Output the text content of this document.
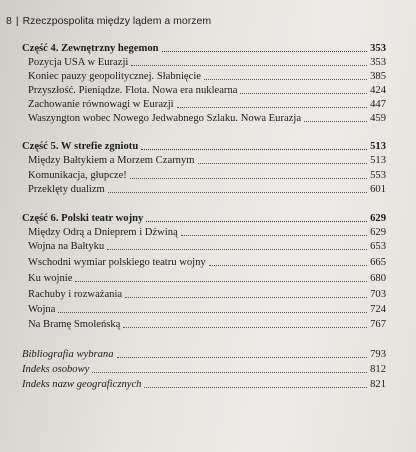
8 | Rzeczpospolita między lądem a morzem
Część 4. Zewnętrzny hegemon	353
Pozycja USA w Eurazji	353
Koniec pauzy geopolitycznej. Słabnięcie	385
Przyszłość. Pieniądze. Flota. Nowa era nuklearna	424
Zachowanie równowagi w Eurazji	447
Waszyngton wobec Nowego Jedwabnego Szlaku. Nowa Eurazja	459
Część 5. W strefie zgniotu	513
Między Bałtykiem a Morzem Czarnym	513
Komunikacja, głupcze!	553
Przeklęty dualizm	601
Część 6. Polski teatr wojny	629
Między Odrą a Dnieprem i Dźwiną	629
Wojna na Bałtyku	653
Wschodni wymiar polskiego teatru wojny	665
Ku wojnie	680
Rachuby i rozważania	703
Wojna	724
Na Bramę Smoleńską	767
Bibliografia wybrana	793
Indeks osobowy	812
Indeks nazw geograficznych	821
